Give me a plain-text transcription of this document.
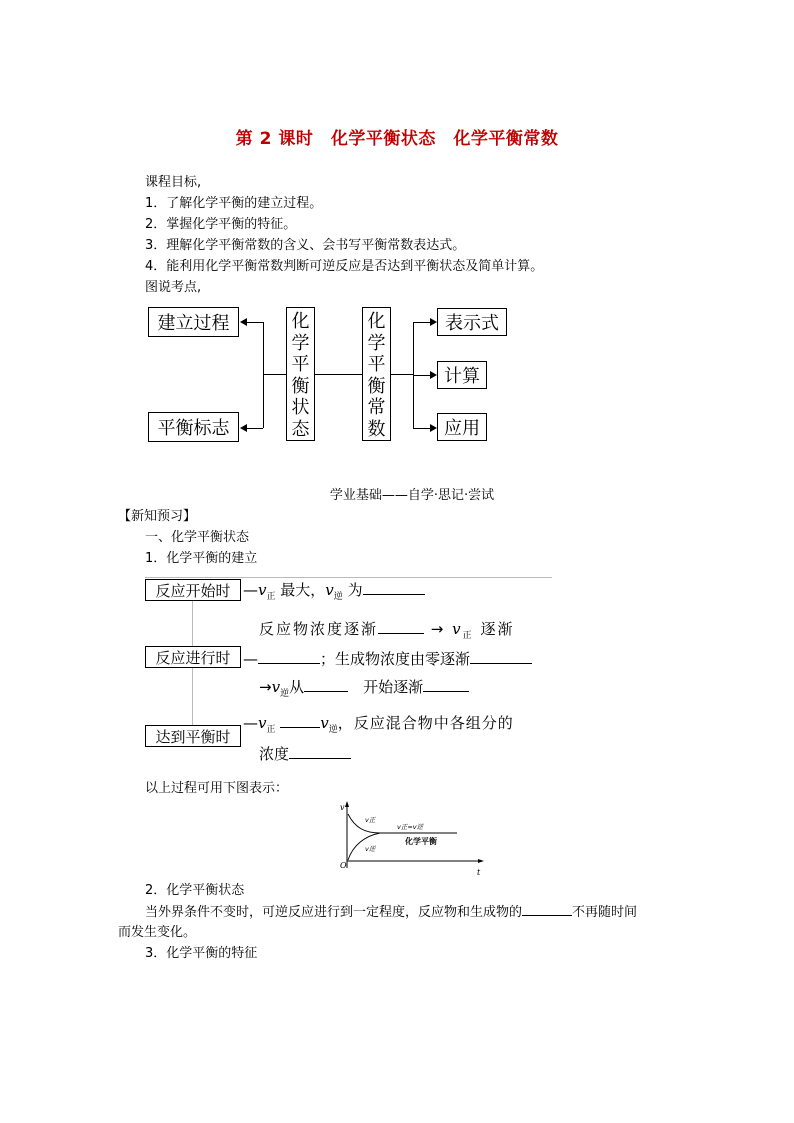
第 2 课时　化学平衡状态　化学平衡常数
课程目标,
1．了解化学平衡的建立过程。
2．掌握化学平衡的特征。
3．理解化学平衡常数的含义、会书写平衡常数表达式。
4．能利用化学平衡常数判断可逆反应是否达到平衡状态及简单计算。
图说考点,
建立过程
平衡标志
化
学
平
衡
状
态
化
学
平
衡
常
数
表示式
计算
应用
学业基础——自学·思记·尝试
【新知预习】
一、化学平衡状态
1．化学平衡的建立
反应开始时
反应进行时
达到平衡时
$—v_正$ 最大，$v_逆$ 为
反应物浓度逐渐	→ $v_正$ 逐渐
—	；生成物浓度由零逐渐
$\to v_逆$从　	开始逐渐
$—v_正$	$v_逆$，反应混合物中各组分的
浓度
以上过程可用下图表示：
v
t
O
v正
v逆
v正=v逆
化学平衡
2．化学平衡状态
当外界条件不变时，可逆反应进行到一定程度，反应物和生成物的	不再随时间
而发生变化。
3．化学平衡的特征
